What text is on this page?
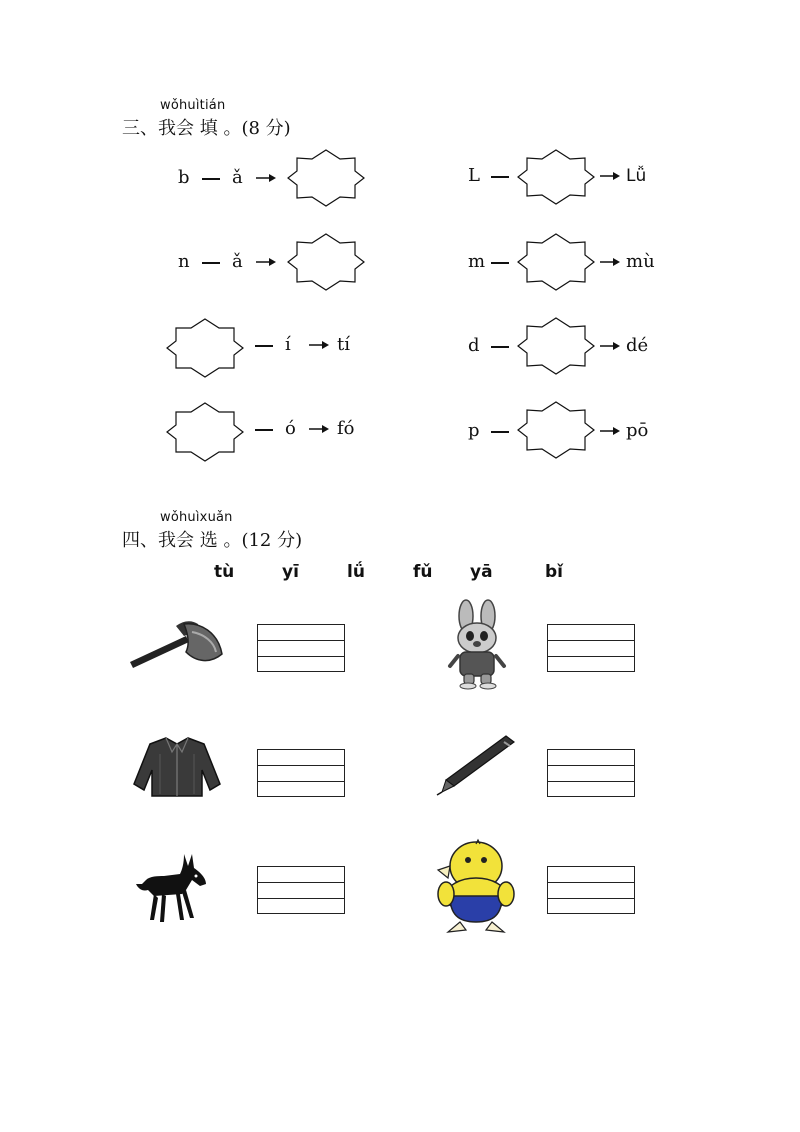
wǒhuìtián
三、我会 填 。(8 分)
b ǎ
n ǎ
í	tí
ó fó
L	Lǚ
m	mù
d	dé
p	pō
wǒhuìxuǎn
四、我会 选 。(12 分)
tù	yī	lǘ	fǔ yā	bǐ
